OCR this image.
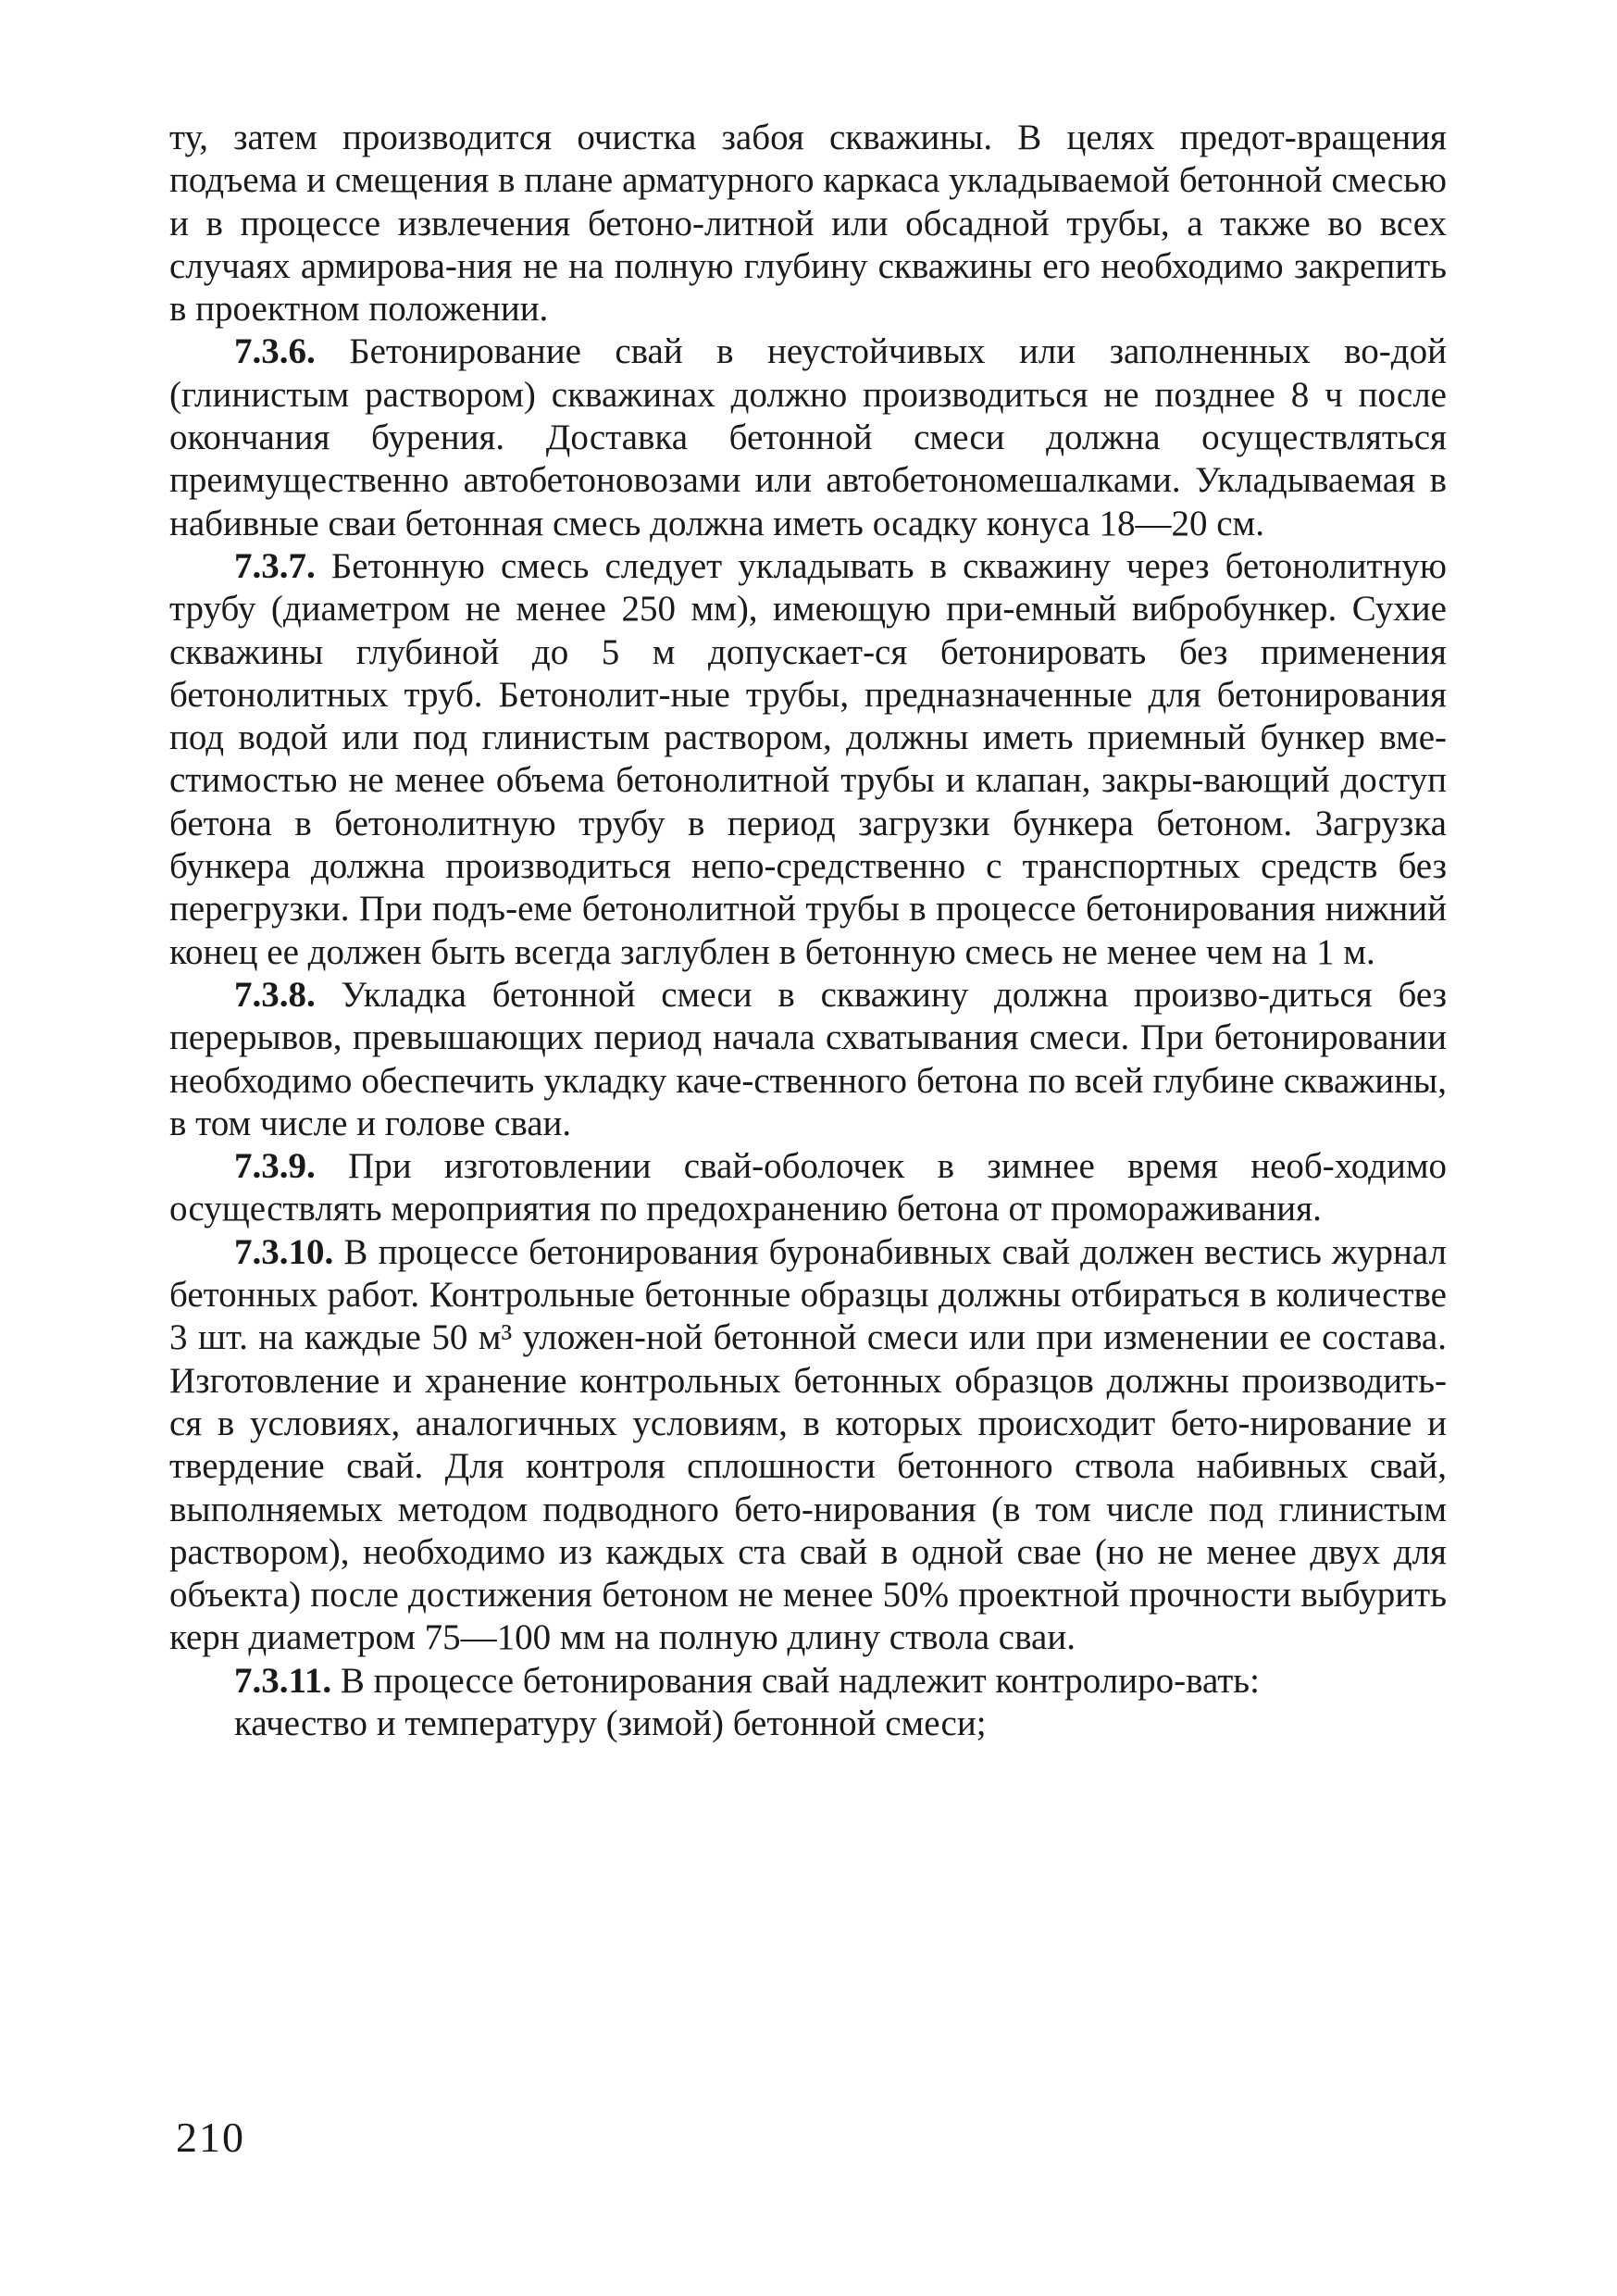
ту, затем производится очистка забоя скважины. В целях предот-вращения подъема и смещения в плане арматурного каркаса укладываемой бетонной смесью и в процессе извлечения бетоно-литной или обсадной трубы, а также во всех случаях армирова-ния не на полную глубину скважины его необходимо закрепить в проектном положении.

7.3.6. Бетонирование свай в неустойчивых или заполненных во-дой (глинистым раствором) скважинах должно производиться не позднее 8 ч после окончания бурения. Доставка бетонной смеси должна осуществляться преимущественно автобетоновозами или автобетономешалками. Укладываемая в набивные сваи бетонная смесь должна иметь осадку конуса 18—20 см.

7.3.7. Бетонную смесь следует укладывать в скважину через бетонолитную трубу (диаметром не менее 250 мм), имеющую при-емный вибробункер. Сухие скважины глубиной до 5 м допускает-ся бетонировать без применения бетонолитных труб. Бетонолит-ные трубы, предназначенные для бетонирования под водой или под глинистым раствором, должны иметь приемный бункер вме-стимостью не менее объема бетонолитной трубы и клапан, закры-вающий доступ бетона в бетонолитную трубу в период загрузки бункера бетоном. Загрузка бункера должна производиться непо-средственно с транспортных средств без перегрузки. При подъ-еме бетонолитной трубы в процессе бетонирования нижний конец ее должен быть всегда заглублен в бетонную смесь не менее чем на 1 м.

7.3.8. Укладка бетонной смеси в скважину должна произво-диться без перерывов, превышающих период начала схватывания смеси. При бетонировании необходимо обеспечить укладку каче-ственного бетона по всей глубине скважины, в том числе и голове сваи.

7.3.9. При изготовлении свай-оболочек в зимнее время необ-ходимо осуществлять мероприятия по предохранению бетона от промораживания.

7.3.10. В процессе бетонирования буронабивных свай должен вестись журнал бетонных работ. Контрольные бетонные образцы должны отбираться в количестве 3 шт. на каждые 50 м³ уложен-ной бетонной смеси или при изменении ее состава. Изготовление и хранение контрольных бетонных образцов должны производить-ся в условиях, аналогичных условиям, в которых происходит бето-нирование и твердение свай. Для контроля сплошности бетонного ствола набивных свай, выполняемых методом подводного бето-нирования (в том числе под глинистым раствором), необходимо из каждых ста свай в одной свае (но не менее двух для объекта) после достижения бетоном не менее 50% проектной прочности выбурить керн диаметром 75—100 мм на полную длину ствола сваи.

7.3.11. В процессе бетонирования свай надлежит контролиро-вать:

качество и температуру (зимой) бетонной смеси;

210
